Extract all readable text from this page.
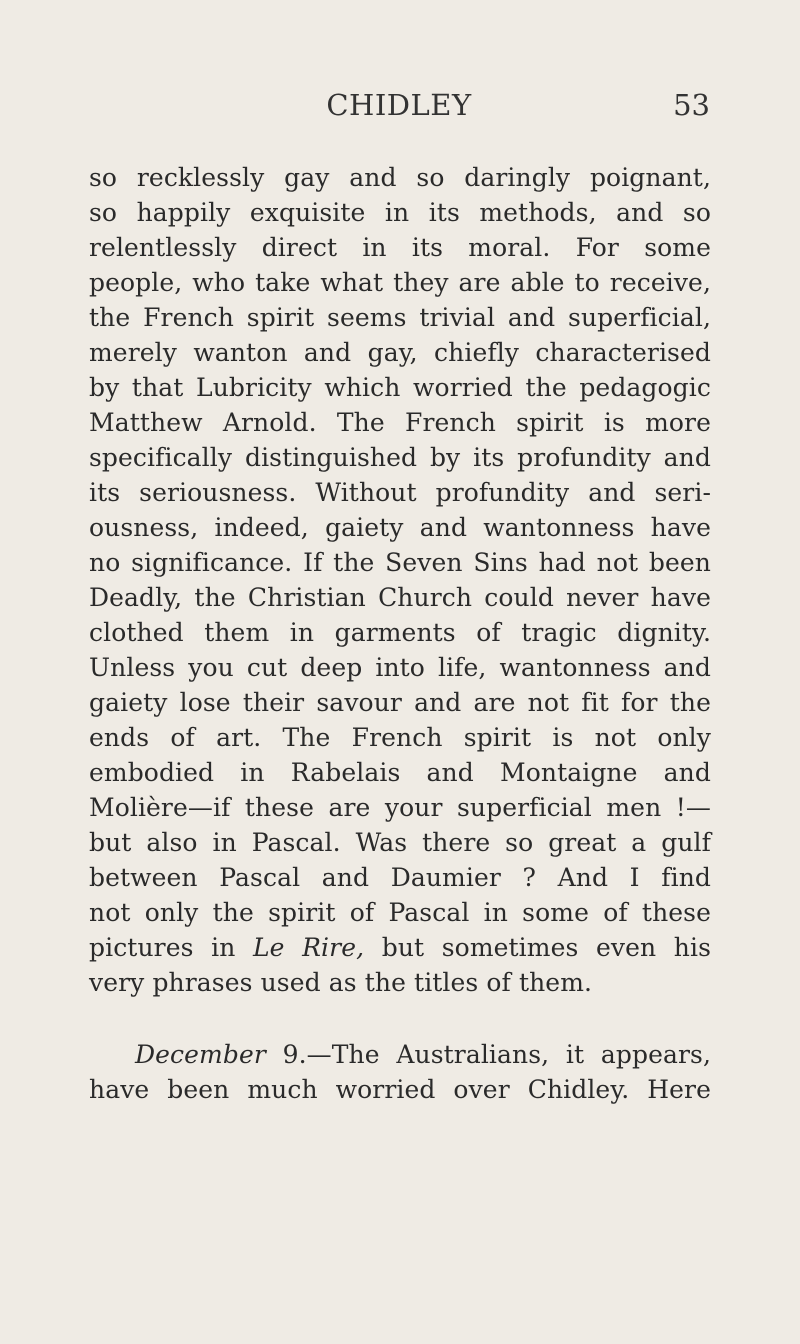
CHIDLEY	53
so recklessly gay and so daringly poignant,
so happily exquisite in its methods, and so
relentlessly direct in its moral. For some
people, who take what they are able to receive,
the French spirit seems trivial and superficial,
merely wanton and gay, chiefly characterised
by that Lubricity which worried the pedagogic
Matthew Arnold. The French spirit is more
specifically distinguished by its profundity and
its seriousness. Without profundity and seri-
ousness, indeed, gaiety and wantonness have
no significance. If the Seven Sins had not been
Deadly, the Christian Church could never have
clothed them in garments of tragic dignity.
Unless you cut deep into life, wantonness and
gaiety lose their savour and are not fit for the
ends of art. The French spirit is not only
embodied in Rabelais and Montaigne and
Molière—if these are your superficial men !—
but also in Pascal. Was there so great a gulf
between Pascal and Daumier ? And I find
not only the spirit of Pascal in some of these
pictures in Le Rire, but sometimes even his
very phrases used as the titles of them.
December 9.—The Australians, it appears,
have been much worried over Chidley. Here
